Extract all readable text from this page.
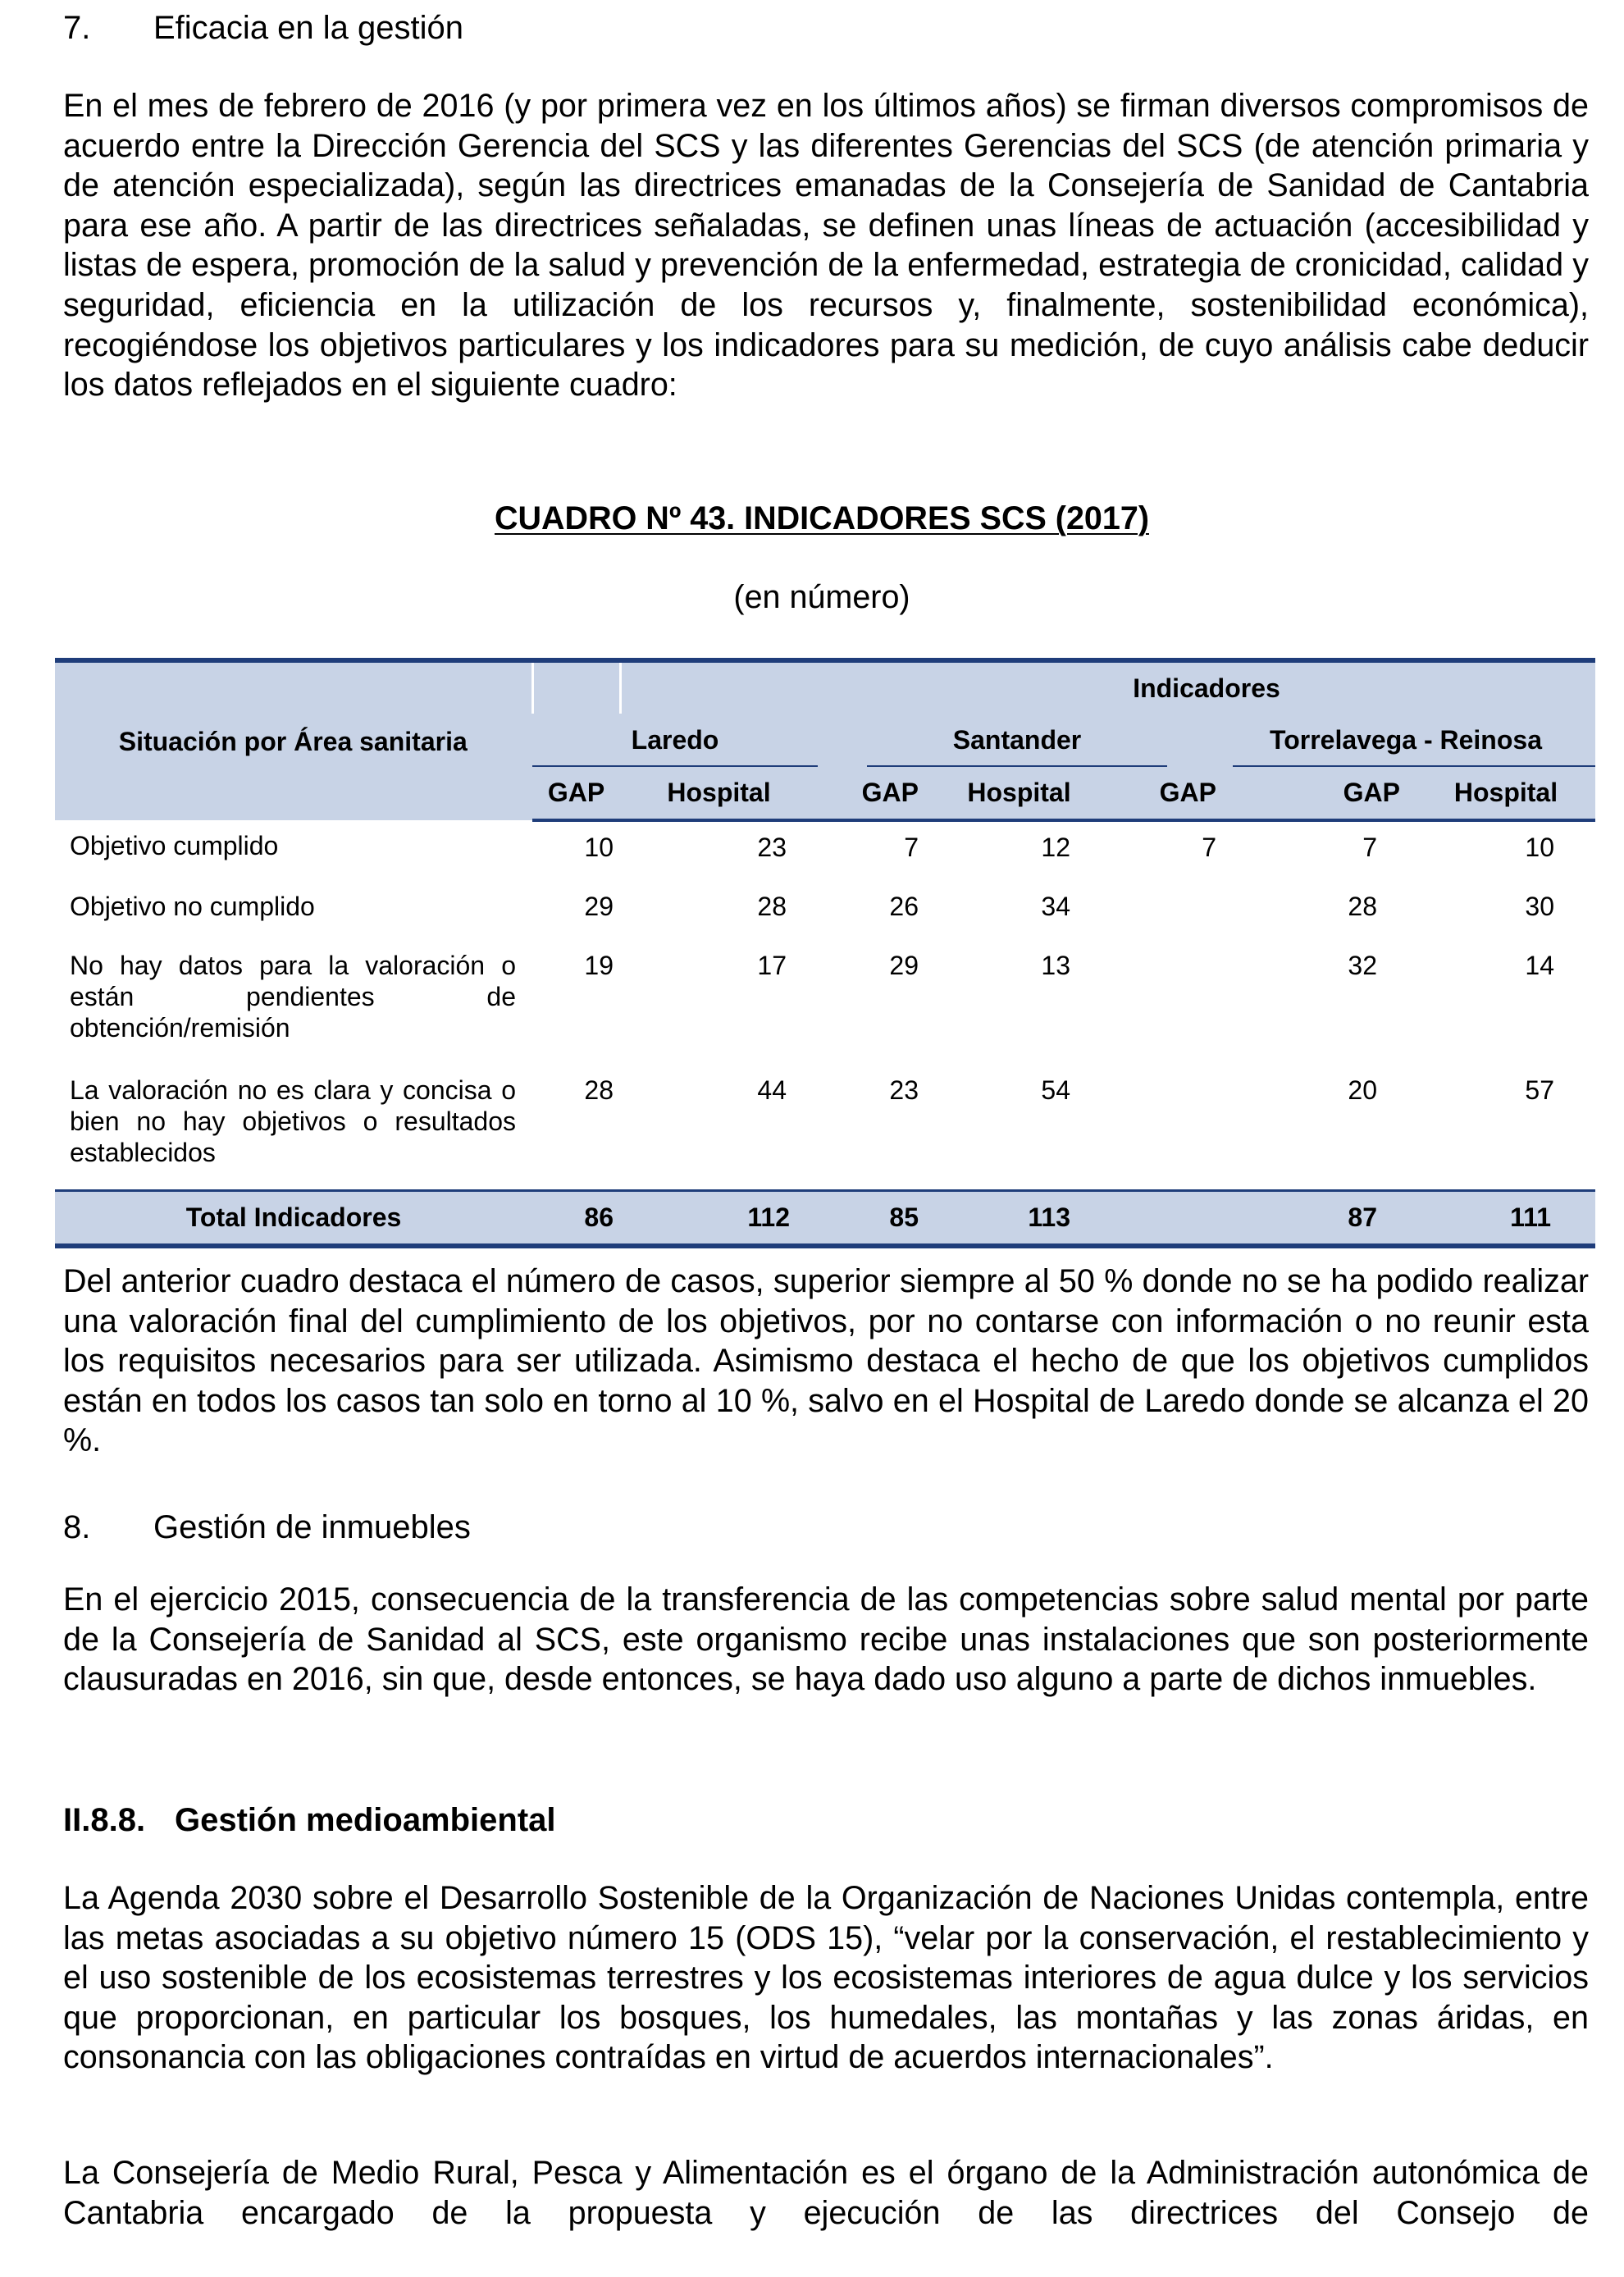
7. Eficacia en la gestión

En el mes de febrero de 2016 (y por primera vez en los últimos años) se firman diversos compromisos de acuerdo entre la Dirección Gerencia del SCS y las diferentes Gerencias del SCS (de atención primaria y de atención especializada), según las directrices emanadas de la Consejería de Sanidad de Cantabria para ese año. A partir de las directrices señaladas, se definen unas líneas de actuación (accesibilidad y listas de espera, promoción de la salud y prevención de la enfermedad, estrategia de cronicidad, calidad y seguridad, eficiencia en la utilización de los recursos y, finalmente, sostenibilidad económica), recogiéndose los objetivos particulares y los indicadores para su medición, de cuyo análisis cabe deducir los datos reflejados en el siguiente cuadro:

CUADRO Nº 43. INDICADORES SCS (2017)
(en número)
Situación por Área sanitaria			Indicadores				
	Laredo		Santander			Torrelavega - Reinosa	

	GAP	Hospital	GAP	Hospital	GAP	GAP	Hospital
Objetivo cumplido	10	23	7	12	7	7	10
Objetivo no cumplido	29	28	26	34		28	30
No hay datos para la valoración o están pendientes de obtención/remisión	19	17	29	13		32	14
La valoración no es clara y concisa o bien no hay objetivos o resultados establecidos	28	44	23	54		20	57
Total Indicadores	86	112	85	113		87	111

Del anterior cuadro destaca el número de casos, superior siempre al 50 % donde no se ha podido realizar una valoración final del cumplimiento de los objetivos, por no contarse con información o no reunir esta los requisitos necesarios para ser utilizada. Asimismo destaca el hecho de que los objetivos cumplidos están en todos los casos tan solo en torno al 10 %, salvo en el Hospital de Laredo donde se alcanza el 20 %.

8. Gestión de inmuebles

En el ejercicio 2015, consecuencia de la transferencia de las competencias sobre salud mental por parte de la Consejería de Sanidad al SCS, este organismo recibe unas instalaciones que son posteriormente clausuradas en 2016, sin que, desde entonces, se haya dado uso alguno a parte de dichos inmuebles.

II.8.8. Gestión medioambiental

La Agenda 2030 sobre el Desarrollo Sostenible de la Organización de Naciones Unidas contempla, entre las metas asociadas a su objetivo número 15 (ODS 15), “velar por la conservación, el restablecimiento y el uso sostenible de los ecosistemas terrestres y los ecosistemas interiores de agua dulce y los servicios que proporcionan, en particular los bosques, los humedales, las montañas y las zonas áridas, en consonancia con las obligaciones contraídas en virtud de acuerdos internacionales”.

La Consejería de Medio Rural, Pesca y Alimentación es el órgano de la Administración autonómica de Cantabria encargado de la propuesta y ejecución de las directrices del Consejo de
